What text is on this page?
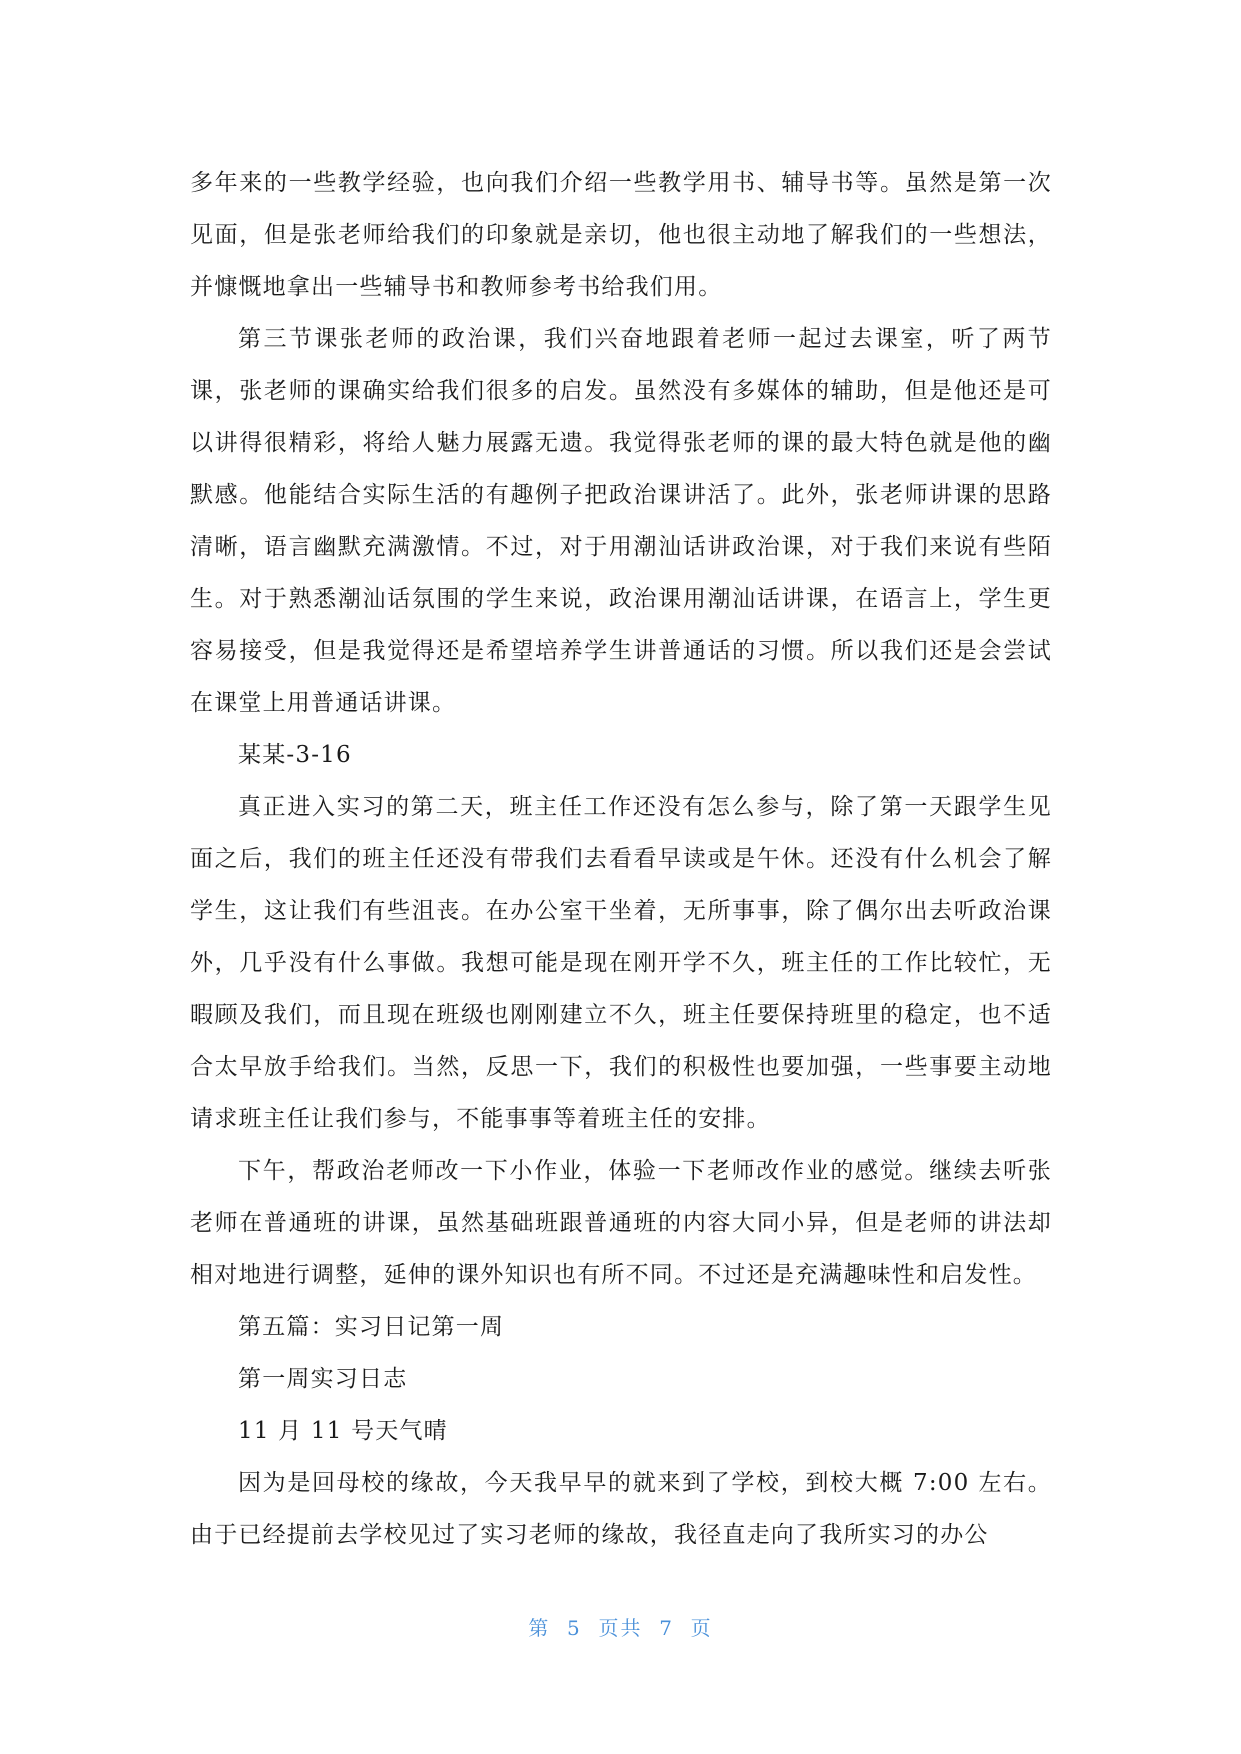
多年来的一些教学经验，也向我们介绍一些教学用书、辅导书等。虽然是第一次见面，但是张老师给我们的印象就是亲切，他也很主动地了解我们的一些想法，并慷慨地拿出一些辅导书和教师参考书给我们用。

第三节课张老师的政治课，我们兴奋地跟着老师一起过去课室，听了两节课，张老师的课确实给我们很多的启发。虽然没有多媒体的辅助，但是他还是可以讲得很精彩，将给人魅力展露无遗。我觉得张老师的课的最大特色就是他的幽默感。他能结合实际生活的有趣例子把政治课讲活了。此外，张老师讲课的思路清晰，语言幽默充满激情。不过，对于用潮汕话讲政治课，对于我们来说有些陌生。对于熟悉潮汕话氛围的学生来说，政治课用潮汕话讲课，在语言上，学生更容易接受，但是我觉得还是希望培养学生讲普通话的习惯。所以我们还是会尝试在课堂上用普通话讲课。

某某-3-16

真正进入实习的第二天，班主任工作还没有怎么参与，除了第一天跟学生见面之后，我们的班主任还没有带我们去看看早读或是午休。还没有什么机会了解学生，这让我们有些沮丧。在办公室干坐着，无所事事，除了偶尔出去听政治课外，几乎没有什么事做。我想可能是现在刚开学不久，班主任的工作比较忙，无暇顾及我们，而且现在班级也刚刚建立不久，班主任要保持班里的稳定，也不适合太早放手给我们。当然，反思一下，我们的积极性也要加强，一些事要主动地请求班主任让我们参与，不能事事等着班主任的安排。

下午，帮政治老师改一下小作业，体验一下老师改作业的感觉。继续去听张老师在普通班的讲课，虽然基础班跟普通班的内容大同小异，但是老师的讲法却相对地进行调整，延伸的课外知识也有所不同。不过还是充满趣味性和启发性。

第五篇：实习日记第一周

第一周实习日志

11 月 11 号天气晴

因为是回母校的缘故，今天我早早的就来到了学校，到校大概 7:00 左右。由于已经提前去学校见过了实习老师的缘故，我径直走向了我所实习的办公

第  5  页共  7  页
